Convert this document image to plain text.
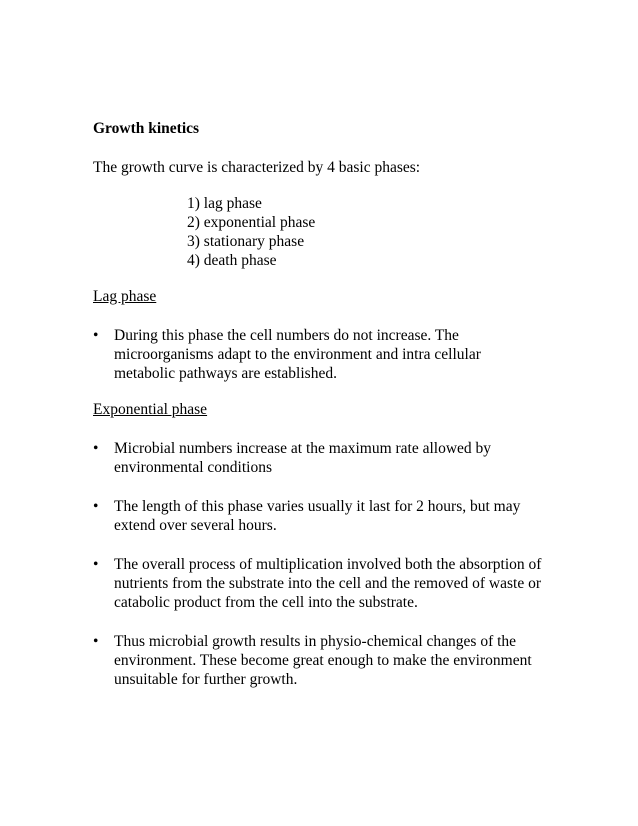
Growth kinetics

The growth curve is characterized by 4 basic phases:

1) lag phase
2) exponential phase
3) stationary phase
4) death phase

Lag phase

•	During this phase the cell numbers do not increase. The microorganisms adapt to the environment and intra cellular metabolic pathways are established.

Exponential phase

•	Microbial numbers increase at the maximum rate allowed by environmental conditions
•	The length of this phase varies usually it last for 2 hours, but may extend over several hours.
•	The overall process of multiplication involved both the absorption of nutrients from the substrate into the cell and the removed of waste or catabolic product from the cell into the substrate.
•	Thus microbial growth results in physio-chemical changes of the environment. These become great enough to make the environment unsuitable for further growth.
